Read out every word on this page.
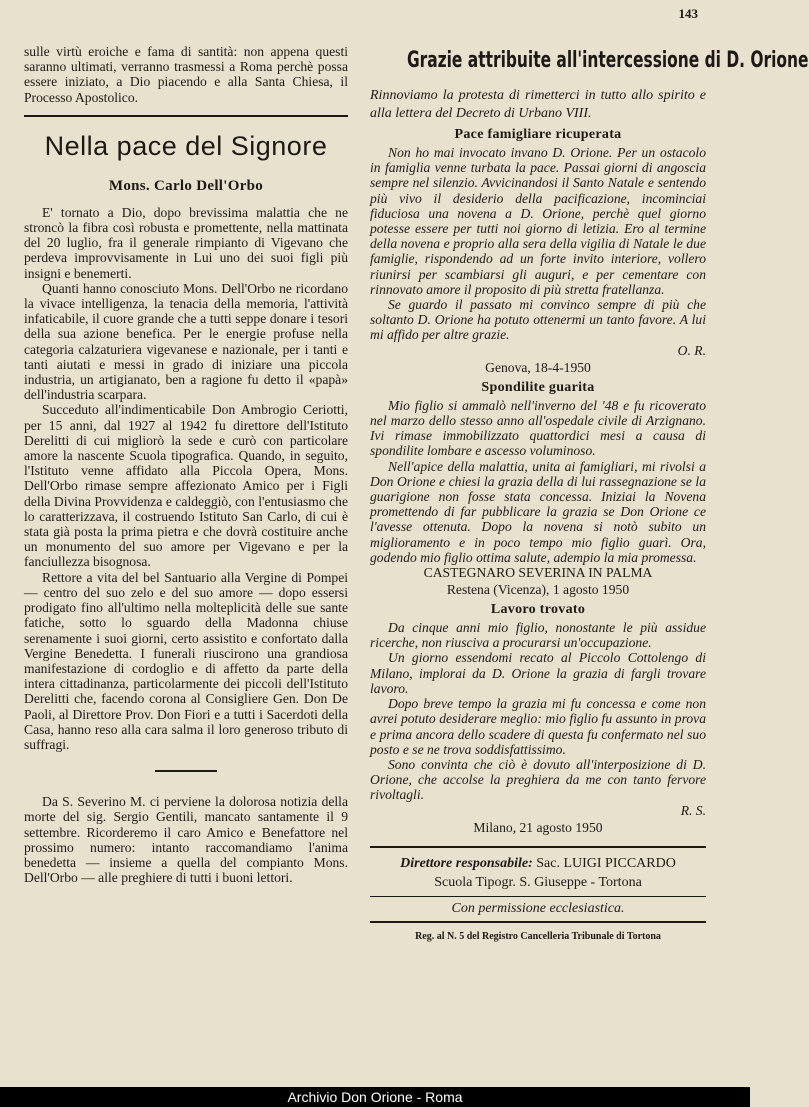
143

sulle virtù eroiche e fama di santità: non appena questi saranno ultimati, verranno trasmessi a Roma perchè possa essere iniziato, a Dio piacendo e alla Santa Chiesa, il Processo Apostolico.

Nella pace del Signore
Mons. Carlo Dell'Orbo

E' tornato a Dio, dopo brevissima malattia che ne stroncò la fibra così robusta e promettente, nella mattinata del 20 luglio, fra il generale rimpianto di Vigevano che perdeva improvvisamente in Lui uno dei suoi figli più insigni e benemerti.

Quanti hanno conosciuto Mons. Dell'Orbo ne ricordano la vivace intelligenza, la tenacia della memoria, l'attività infaticabile, il cuore grande che a tutti seppe donare i tesori della sua azione benefica. Per le energie profuse nella categoria calzaturiera vigevanese e nazionale, per i tanti e tanti aiutati e messi in grado di iniziare una piccola industria, un artigianato, ben a ragione fu detto il «papà» dell'industria scarpara.

Succeduto all'indimenticabile Don Ambrogio Ceriotti, per 15 anni, dal 1927 al 1942 fu direttore dell'Istituto Derelitti di cui migliorò la sede e curò con particolare amore la nascente Scuola tipografica. Quando, in seguito, l'Istituto venne affidato alla Piccola Opera, Mons. Dell'Orbo rimase sempre affezionato Amico per i Figli della Divina Provvidenza e caldeggiò, con l'entusiasmo che lo caratterizzava, il costruendo Istituto San Carlo, di cui è stata già posta la prima pietra e che dovrà costituire anche un monumento del suo amore per Vigevano e per la fanciullezza bisognosa.

Rettore a vita del bel Santuario alla Vergine di Pompei — centro del suo zelo e del suo amore — dopo essersi prodigato fino all'ultimo nella molteplicità delle sue sante fatiche, sotto lo sguardo della Madonna chiuse serenamente i suoi giorni, certo assistito e confortato dalla Vergine Benedetta. I funerali riuscirono una grandiosa manifestazione di cordoglio e di affetto da parte della intera cittadinanza, particolarmente dei piccoli dell'Istituto Derelitti che, facendo corona al Consigliere Gen. Don De Paoli, al Direttore Prov. Don Fiori e a tutti i Sacerdoti della Casa, hanno reso alla cara salma il loro generoso tributo di suffragi.

Da S. Severino M. ci perviene la dolorosa notizia della morte del sig. Sergio Gentili, mancato santamente il 9 settembre. Ricorderemo il caro Amico e Benefattore nel prossimo numero: intanto raccomandiamo l'anima benedetta — insieme a quella del compianto Mons. Dell'Orbo — alle preghiere di tutti i buoni lettori.

Grazie attribuite all'intercessione di D. Orione

Rinnoviamo la protesta di rimetterci in tutto allo spirito e alla lettera del Decreto di Urbano VIII.

Pace famigliare ricuperata

Non ho mai invocato invano D. Orione. Per un ostacolo in famiglia venne turbata la pace. Passai giorni di angoscia sempre nel silenzio. Avvicinandosi il Santo Natale e sentendo più vivo il desiderio della pacificazione, incominciai fiduciosa una novena a D. Orione, perchè quel giorno potesse essere per tutti noi giorno di letizia. Ero al termine della novena e proprio alla sera della vigilia di Natale le due famiglie, rispondendo ad un forte invito interiore, vollero riunirsi per scambiarsi gli auguri, e per cementare con rinnovato amore il proposito di più stretta fratellanza.

Se guardo il passato mi convinco sempre di più che soltanto D. Orione ha potuto ottenermi un tanto favore. A lui mi affido per altre grazie.

O. R.
Genova, 18-4-1950
Spondilite guarita

Mio figlio si ammalò nell'inverno del '48 e fu ricoverato nel marzo dello stesso anno all'ospedale civile di Arzignano. Ivi rimase immobilizzato quattordici mesi a causa di spondilite lombare e ascesso voluminoso.

Nell'apice della malattia, unita ai famigliari, mi rivolsi a Don Orione e chiesi la grazia della di lui rassegnazione se la guarigione non fosse stata concessa. Iniziai la Novena promettendo di far pubblicare la grazia se Don Orione ce l'avesse ottenuta. Dopo la novena si notò subito un miglioramento e in poco tempo mio figlio guarì. Ora, godendo mio figlio ottima salute, adempio la mia promessa.

CASTEGNARO SEVERINA IN PALMA
Restena (Vicenza), 1 agosto 1950
Lavoro trovato

Da cinque anni mio figlio, nonostante le più assidue ricerche, non riusciva a procurarsi un'occupazione.

Un giorno essendomi recato al Piccolo Cottolengo di Milano, implorai da D. Orione la grazia di fargli trovare lavoro.

Dopo breve tempo la grazia mi fu concessa e come non avrei potuto desiderare meglio: mio figlio fu assunto in prova e prima ancora dello scadere di questa fu confermato nel suo posto e se ne trova soddisfattissimo.

Sono convinta che ciò è dovuto all'interposizione di D. Orione, che accolse la preghiera da me con tanto fervore rivoltagli.

R. S.
Milano, 21 agosto 1950
Direttore responsabile: Sac. LUIGI PICCARDO
Scuola Tipogr. S. Giuseppe - Tortona
Con permissione ecclesiastica.
Reg. al N. 5 del Registro Cancelleria Tribunale di Tortona
Archivio Don Orione - Roma
